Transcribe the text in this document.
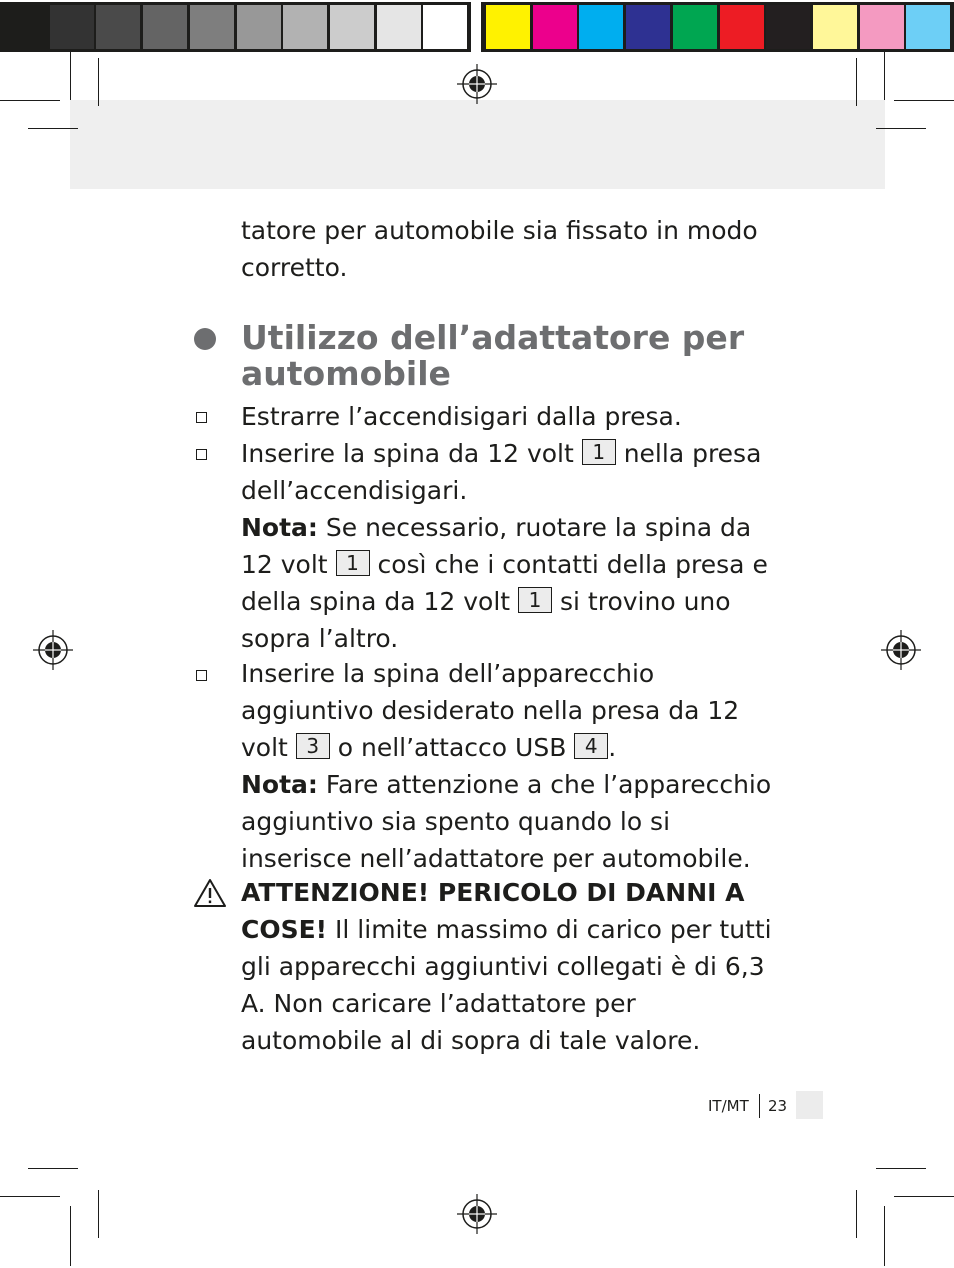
tatore per automobile sia fissato in modo corretto.

Utilizzo dell’adattatore per automobile
Estrarre l’accendisigari dalla presa.
Inserire la spina da 12 volt 1 nella presa dell’accendisigari.
Nota: Se necessario, ruotare la spina da 12 volt 1 così che i contatti della presa e della spina da 12 volt 1 si trovino uno sopra l’altro.
Inserire la spina dell’apparecchio aggiuntivo desiderato nella presa da 12 volt 3 o nell’attacco USB 4 .
Nota: Fare attenzione a che l’apparecchio aggiuntivo sia spento quando lo si inserisce nell’adattatore per automobile.
ATTENZIONE! PERICOLO DI DANNI A COSE! Il limite massimo di carico per tutti gli apparecchi aggiuntivi collegati è di 6,3 A. Non caricare l’adattatore per automobile al di sopra di tale valore.
IT/MT 23
